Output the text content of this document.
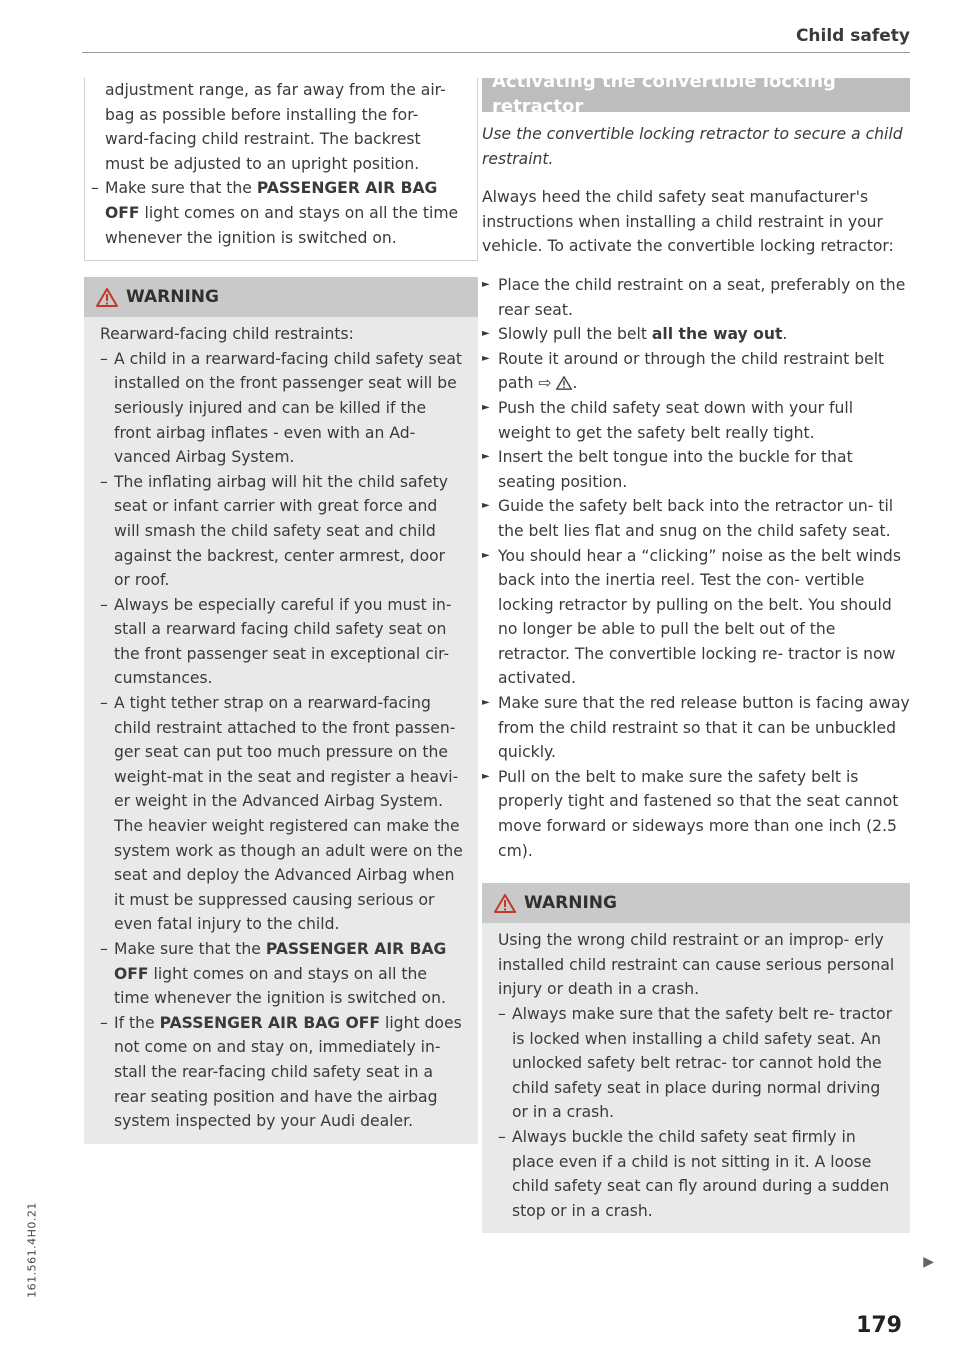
Child safety
161.561.4H0.21

adjustment range, as far away from the air-

bag as possible before installing the for-

ward-facing child restraint. The backrest

must be adjusted to an upright position.

– Make sure that the PASSENGER AIR BAG OFF light comes on and stays on all the time whenever the ignition is switched on.
WARNING

Rearward-facing child restraints:

– A child in a rearward-facing child safety seat installed on the front passenger seat will be seriously injured and can be killed if the front airbag inflates - even with an Ad- vanced Airbag System.
– The inflating airbag will hit the child safety seat or infant carrier with great force and will smash the child safety seat and child against the backrest, center armrest, door or roof.
– Always be especially careful if you must in- stall a rearward facing child safety seat on the front passenger seat in exceptional cir- cumstances.
– A tight tether strap on a rearward-facing child restraint attached to the front passen- ger seat can put too much pressure on the weight-mat in the seat and register a heavi- er weight in the Advanced Airbag System. The heavier weight registered can make the system work as though an adult were on the seat and deploy the Advanced Airbag when it must be suppressed causing serious or even fatal injury to the child.
– Make sure that the PASSENGER AIR BAG OFF light comes on and stays on all the time whenever the ignition is switched on.
– If the PASSENGER AIR BAG OFF light does not come on and stay on, immediately in- stall the rear-facing child safety seat in a rear seating position and have the airbag system inspected by your Audi dealer.
Activating the convertible locking retractor

Use the convertible locking retractor to secure a child restraint.

Always heed the child safety seat manufacturer's instructions when installing a child restraint in your vehicle. To activate the convertible locking retractor:

► Place the child restraint on a seat, preferably on the rear seat.
► Slowly pull the belt all the way out.
► Route it around or through the child restraint belt path ⇨ .
► Push the child safety seat down with your full weight to get the safety belt really tight.
► Insert the belt tongue into the buckle for that seating position.
► Guide the safety belt back into the retractor un- til the belt lies flat and snug on the child safety seat.
► You should hear a “clicking” noise as the belt winds back into the inertia reel. Test the con- vertible locking retractor by pulling on the belt. You should no longer be able to pull the belt out of the retractor. The convertible locking re- tractor is now activated.
► Make sure that the red release button is facing away from the child restraint so that it can be unbuckled quickly.
► Pull on the belt to make sure the safety belt is properly tight and fastened so that the seat cannot move forward or sideways more than one inch (2.5 cm).
WARNING

Using the wrong child restraint or an improp- erly installed child restraint can cause serious personal injury or death in a crash.

– Always make sure that the safety belt re- tractor is locked when installing a child safety seat. An unlocked safety belt retrac- tor cannot hold the child safety seat in place during normal driving or in a crash.
– Always buckle the child safety seat firmly in place even if a child is not sitting in it. A loose child safety seat can fly around during a sudden stop or in a crash.
▶
179
